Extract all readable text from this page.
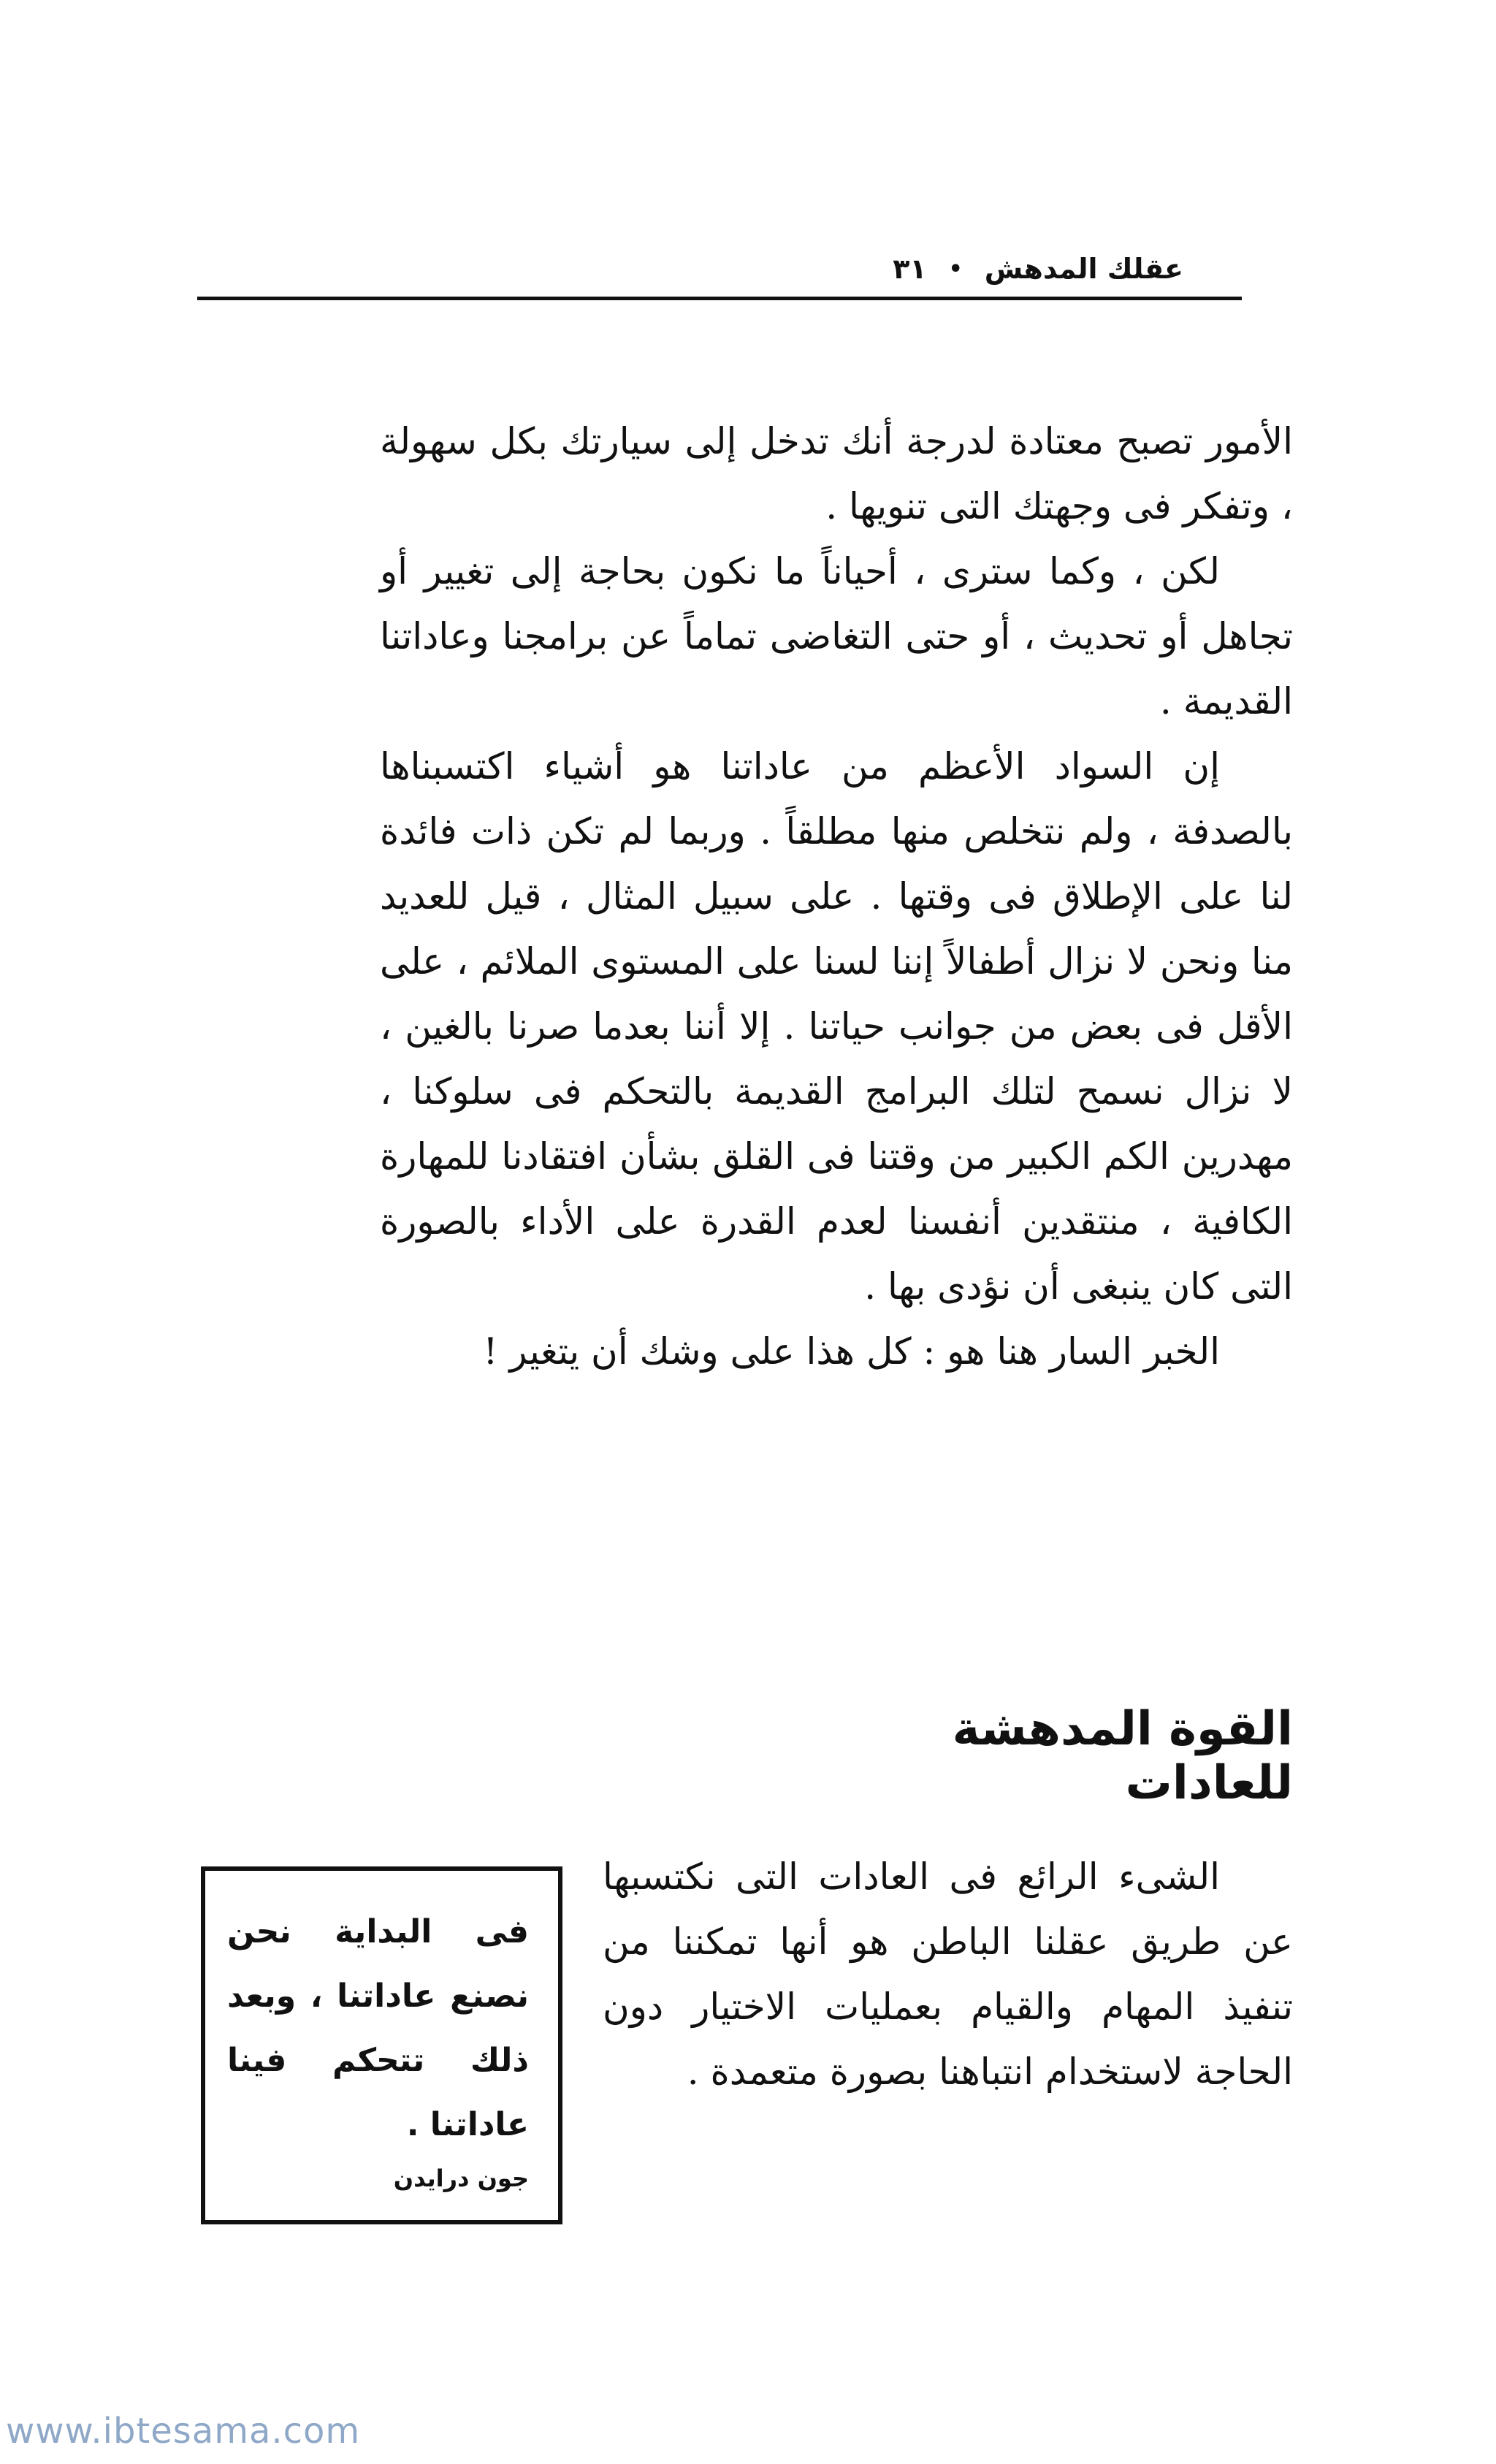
عقلك المدهش
•
٣١

الأمور تصبح معتادة لدرجة أنك تدخل إلى سيارتك بكل سهولة ، وتفكر فى وجهتك التى تنويها .

لكن ، وكما سترى ، أحياناً ما نكون بحاجة إلى تغيير أو تجاهل أو تحديث ، أو حتى التغاضى تماماً عن برامجنا وعاداتنا القديمة .

إن السواد الأعظم من عاداتنا هو أشياء اكتسبناها بالصدفة ، ولم نتخلص منها مطلقاً . وربما لم تكن ذات فائدة لنا على الإطلاق فى وقتها . على سبيل المثال ، قيل للعديد منا ونحن لا نزال أطفالاً إننا لسنا على المستوى الملائم ، على الأقل فى بعض من جوانب حياتنا . إلا أننا بعدما صرنا بالغين ، لا نزال نسمح لتلك البرامج القديمة بالتحكم فى سلوكنا ، مهدرين الكم الكبير من وقتنا فى القلق بشأن افتقادنا للمهارة الكافية ، منتقدين أنفسنا لعدم القدرة على الأداء بالصورة التى كان ينبغى أن نؤدى بها .

الخبر السار هنا هو : كل هذا على وشك أن يتغير !

القوة المدهشة للعادات

الشىء الرائع فى العادات التى نكتسبها عن طريق عقلنا الباطن هو أنها تمكننا من تنفيذ المهام والقيام بعمليات الاختيار دون الحاجة لاستخدام انتباهنا بصورة متعمدة .

فى البداية نحن نصنع عاداتنا ، وبعد ذلك تتحكم فينا عاداتنا .
جون درايدن
www.ibtesama.com
